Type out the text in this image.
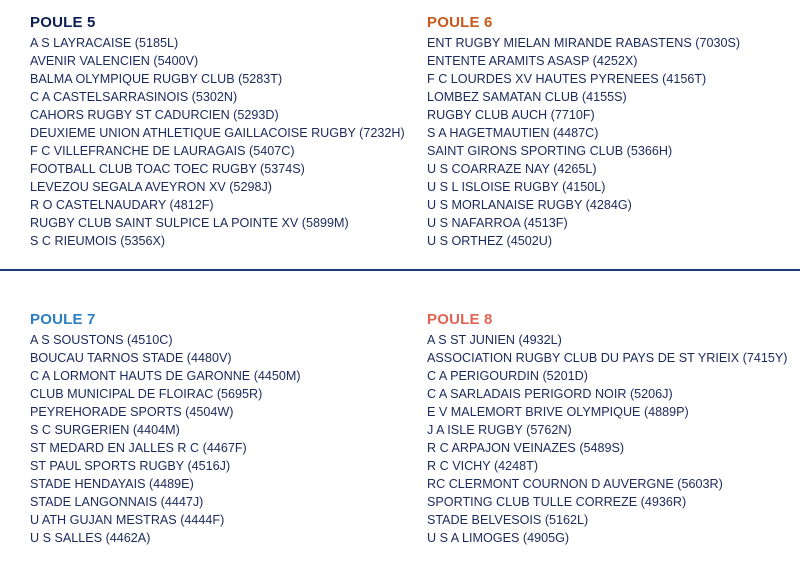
POULE 5
A S LAYRACAISE (5185L)
AVENIR VALENCIEN (5400V)
BALMA OLYMPIQUE RUGBY CLUB (5283T)
C A CASTELSARRASINOIS (5302N)
CAHORS RUGBY ST CADURCIEN (5293D)
DEUXIEME UNION ATHLETIQUE GAILLACOISE RUGBY (7232H)
F C VILLEFRANCHE DE LAURAGAIS (5407C)
FOOTBALL CLUB TOAC TOEC RUGBY (5374S)
LEVEZOU SEGALA AVEYRON XV (5298J)
R O CASTELNAUDARY (4812F)
RUGBY CLUB SAINT SULPICE LA POINTE XV (5899M)
S C RIEUMOIS (5356X)
POULE 6
ENT RUGBY MIELAN MIRANDE RABASTENS (7030S)
ENTENTE ARAMITS ASASP (4252X)
F C LOURDES XV HAUTES PYRENEES (4156T)
LOMBEZ SAMATAN CLUB (4155S)
RUGBY CLUB AUCH (7710F)
S A HAGETMAUTIEN (4487C)
SAINT GIRONS SPORTING CLUB (5366H)
U S COARRAZE NAY (4265L)
U S L ISLOISE RUGBY (4150L)
U S MORLANAISE RUGBY (4284G)
U S NAFARROA (4513F)
U S ORTHEZ (4502U)
POULE 7
A S SOUSTONS (4510C)
BOUCAU TARNOS STADE (4480V)
C A LORMONT HAUTS DE GARONNE (4450M)
CLUB MUNICIPAL DE FLOIRAC (5695R)
PEYREHORADE SPORTS (4504W)
S C SURGERIEN (4404M)
ST MEDARD EN JALLES R C (4467F)
ST PAUL SPORTS RUGBY (4516J)
STADE HENDAYAIS (4489E)
STADE LANGONNAIS (4447J)
U ATH GUJAN MESTRAS (4444F)
U S SALLES (4462A)
POULE 8
A S ST JUNIEN (4932L)
ASSOCIATION RUGBY CLUB DU PAYS DE ST YRIEIX (7415Y)
C A PERIGOURDIN (5201D)
C A SARLADAIS PERIGORD NOIR (5206J)
E V MALEMORT BRIVE OLYMPIQUE (4889P)
J A ISLE RUGBY (5762N)
R C ARPAJON VEINAZES (5489S)
R C VICHY (4248T)
RC CLERMONT COURNON D AUVERGNE (5603R)
SPORTING CLUB TULLE CORREZE (4936R)
STADE BELVESOIS (5162L)
U S A LIMOGES (4905G)
